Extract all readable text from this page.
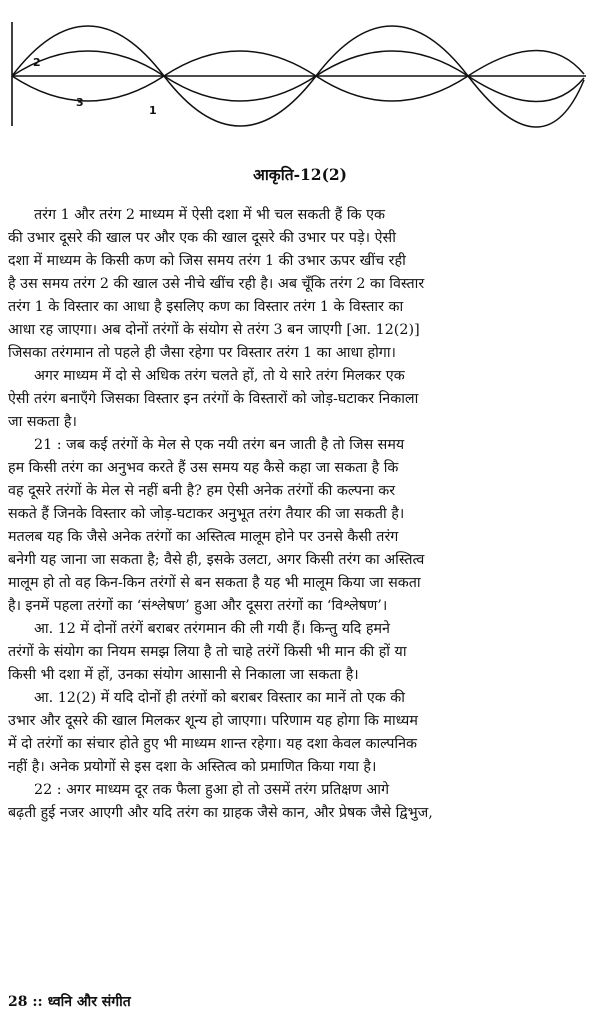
2
3
1
आकृति-12(2)
तरंग 1 और तरंग 2 माध्यम में ऐसी दशा में भी चल सकती हैं कि एक
की उभार दूसरे की खाल पर और एक की खाल दूसरे की उभार पर पड़े। ऐसी
दशा में माध्यम के किसी कण को जिस समय तरंग 1 की उभार ऊपर खींच रही
है उस समय तरंग 2 की खाल उसे नीचे खींच रही है। अब चूँकि तरंग 2 का विस्तार
तरंग 1 के विस्तार का आधा है इसलिए कण का विस्तार तरंग 1 के विस्तार का
आधा रह जाएगा। अब दोनों तरंगों के संयोग से तरंग 3 बन जाएगी [आ. 12(2)]
जिसका तरंगमान तो पहले ही जैसा रहेगा पर विस्तार तरंग 1 का आधा होगा।
अगर माध्यम में दो से अधिक तरंग चलते हों, तो ये सारे तरंग मिलकर एक
ऐसी तरंग बनाएँगे जिसका विस्तार इन तरंगों के विस्तारों को जोड़-घटाकर निकाला
जा सकता है।
21 : जब कई तरंगों के मेल से एक नयी तरंग बन जाती है तो जिस समय
हम किसी तरंग का अनुभव करते हैं उस समय यह कैसे कहा जा सकता है कि
वह दूसरे तरंगों के मेल से नहीं बनी है? हम ऐसी अनेक तरंगों की कल्पना कर
सकते हैं जिनके विस्तार को जोड़-घटाकर अनुभूत तरंग तैयार की जा सकती है।
मतलब यह कि जैसे अनेक तरंगों का अस्तित्व मालूम होने पर उनसे कैसी तरंग
बनेगी यह जाना जा सकता है; वैसे ही, इसके उलटा, अगर किसी तरंग का अस्तित्व
मालूम हो तो वह किन-किन तरंगों से बन सकता है यह भी मालूम किया जा सकता
है। इनमें पहला तरंगों का ‘संश्लेषण’ हुआ और दूसरा तरंगों का ‘विश्लेषण’।
आ. 12 में दोनों तरंगें बराबर तरंगमान की ली गयी हैं। किन्तु यदि हमने
तरंगों के संयोग का नियम समझ लिया है तो चाहे तरंगें किसी भी मान की हों या
किसी भी दशा में हों, उनका संयोग आसानी से निकाला जा सकता है।
आ. 12(2) में यदि दोनों ही तरंगों को बराबर विस्तार का मानें तो एक की
उभार और दूसरे की खाल मिलकर शून्य हो जाएगा। परिणाम यह होगा कि माध्यम
में दो तरंगों का संचार होते हुए भी माध्यम शान्त रहेगा। यह दशा केवल काल्पनिक
नहीं है। अनेक प्रयोगों से इस दशा के अस्तित्व को प्रमाणित किया गया है।
22 : अगर माध्यम दूर तक फैला हुआ हो तो उसमें तरंग प्रतिक्षण आगे
बढ़ती हुई नजर आएगी और यदि तरंग का ग्राहक जैसे कान, और प्रेषक जैसे द्विभुज,
28 :: ध्वनि और संगीत
